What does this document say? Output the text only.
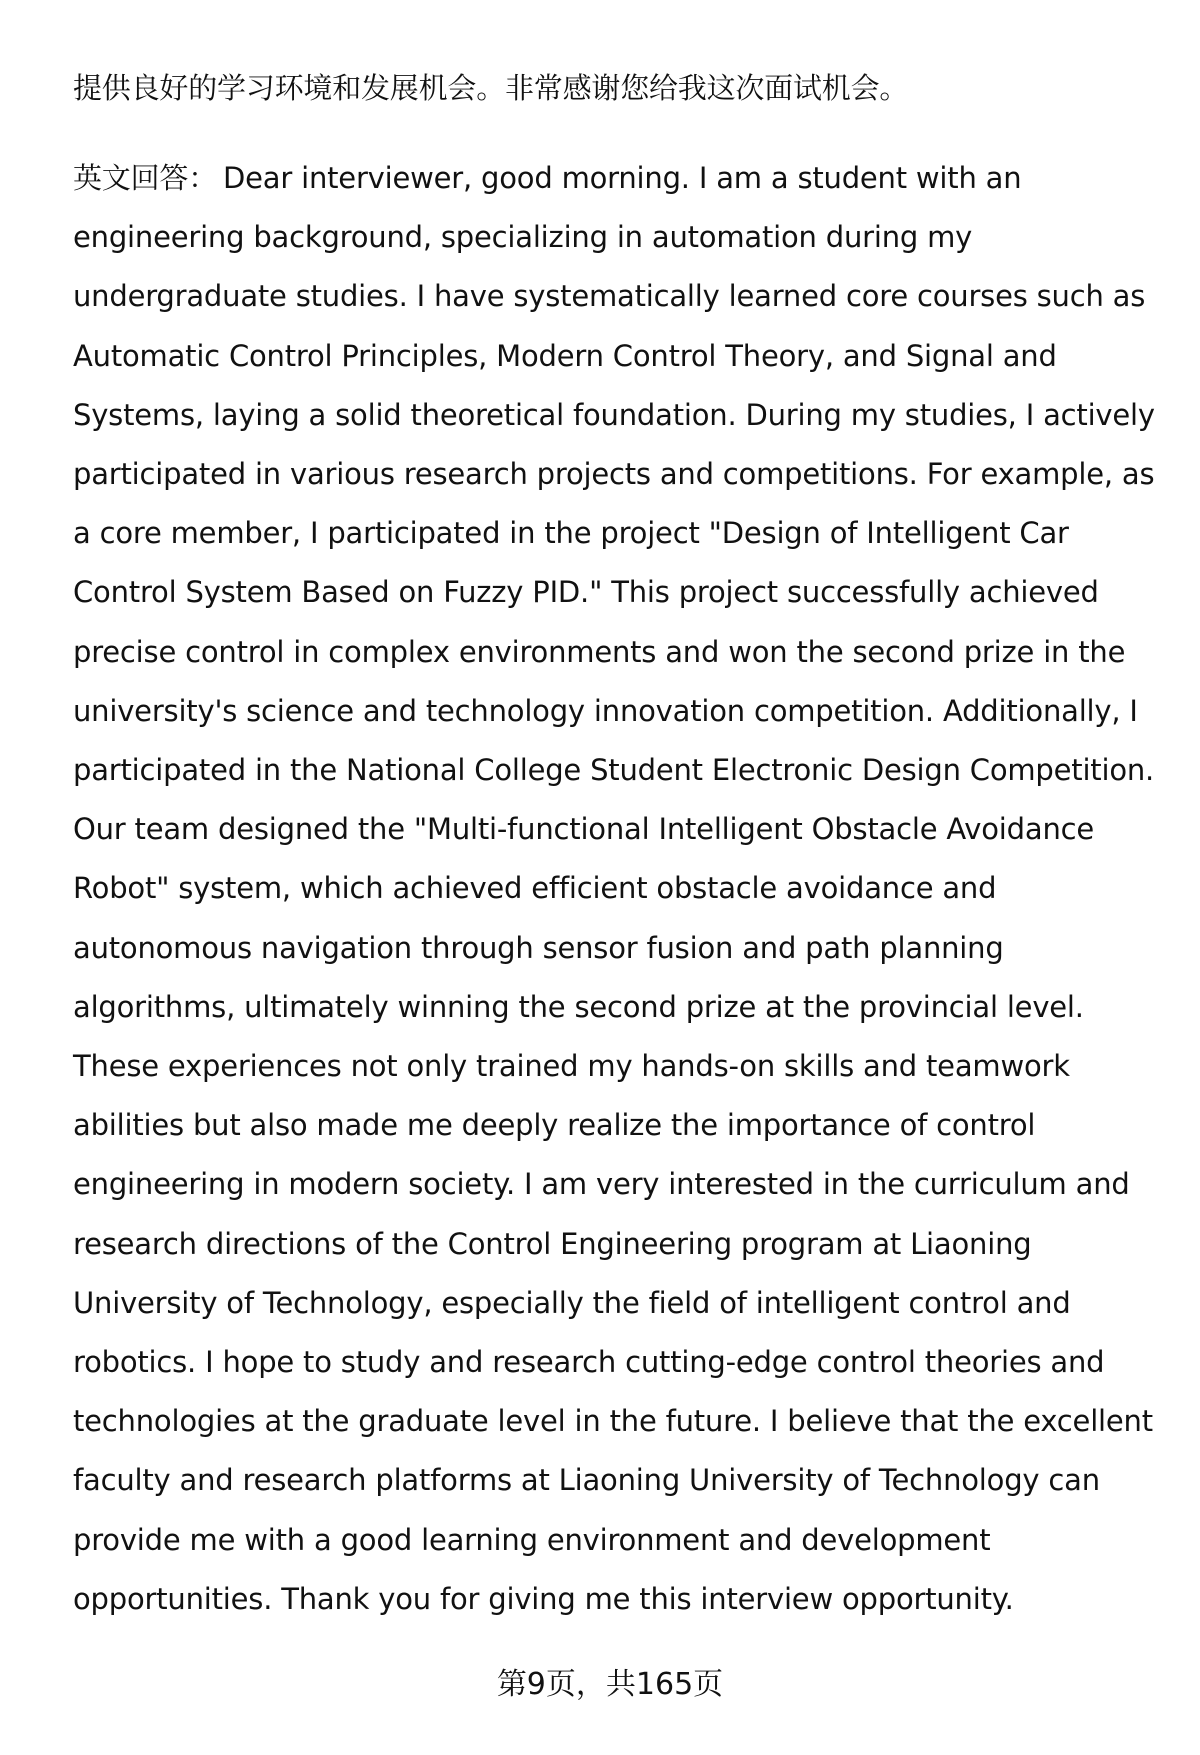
提供良好的学习环境和发展机会。非常感谢您给我这次面试机会。
英文回答： Dear interviewer, good morning. I am a student with an
engineering background, specializing in automation during my
undergraduate studies. I have systematically learned core courses such as
Automatic Control Principles, Modern Control Theory, and Signal and
Systems, laying a solid theoretical foundation. During my studies, I actively
participated in various research projects and competitions. For example, as
a core member, I participated in the project "Design of Intelligent Car
Control System Based on Fuzzy PID." This project successfully achieved
precise control in complex environments and won the second prize in the
university's science and technology innovation competition. Additionally, I
participated in the National College Student Electronic Design Competition.
Our team designed the "Multi-functional Intelligent Obstacle Avoidance
Robot" system, which achieved efficient obstacle avoidance and
autonomous navigation through sensor fusion and path planning
algorithms, ultimately winning the second prize at the provincial level.
These experiences not only trained my hands-on skills and teamwork
abilities but also made me deeply realize the importance of control
engineering in modern society. I am very interested in the curriculum and
research directions of the Control Engineering program at Liaoning
University of Technology, especially the field of intelligent control and
robotics. I hope to study and research cutting-edge control theories and
technologies at the graduate level in the future. I believe that the excellent
faculty and research platforms at Liaoning University of Technology can
provide me with a good learning environment and development
opportunities. Thank you for giving me this interview opportunity.
第9页，共165页
